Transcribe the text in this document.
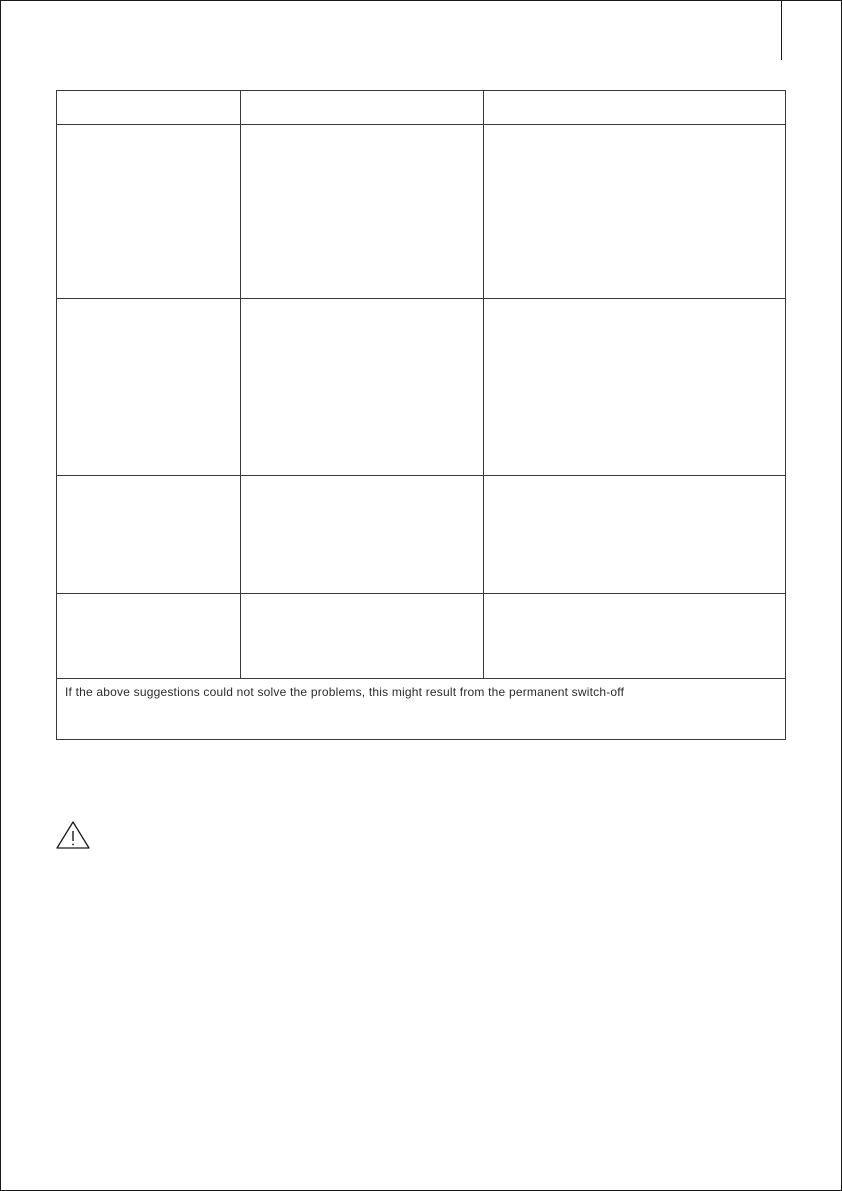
If the above suggestions could not solve the problems, this might result from the permanent switch-off		
